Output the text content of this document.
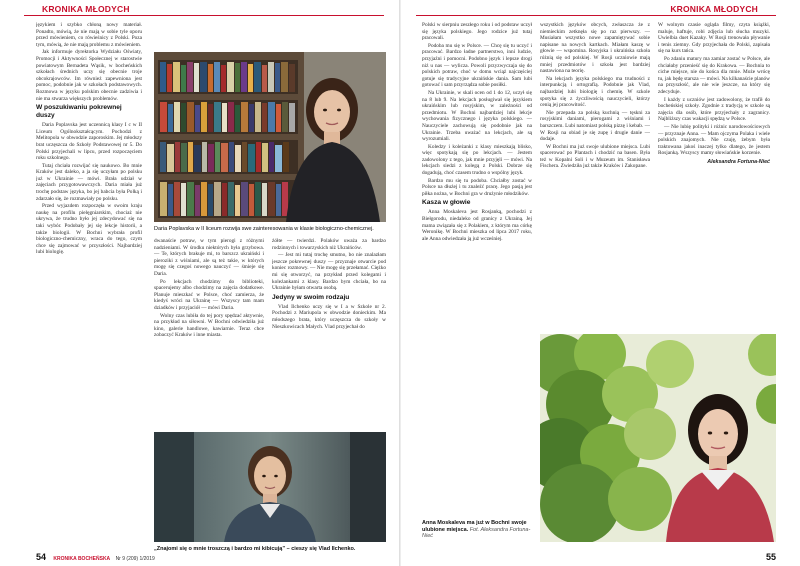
KRONIKA MŁODYCH	KRONIKA MŁODYCH

językiem i szybko chłoną nowy materiał. Ponadto, mówią, że nie mają w sobie tyle oporu przed mówieniem, co rówieśnicy z Polski. Poza tym, mówią, że nie mają problemu z mówieniem.

Jak informuje dyrektorka Wydziału Oświaty, Promocji i Aktywności Społecznej w starostwie powiatowym Bernadeta Wąsik, w bocheńskich szkołach średnich uczy się obecnie troje obcokrajowców. Im również zapewniona jest pomoc, podobnie jak w szkołach podstawowych. Rozmowa w języku polskim obecnie zadziwia i nie ma stwarza większych problemów.

W poszukiwaniu pokrewnej duszy

Daria Poplavska jest uczennicą klasy I c w II Liceum Ogólnokształcącym. Pochodzi z Melitopola w obwodzie zaporoskim. Jej młodszy brat uczęszcza do Szkoły Podstawowej nr 5. Do Polski przyjechali w lipcu, przed rozpoczęciem roku szkolnego.

Tutaj chciała rozwijać się naukowo. Bo mnie Kraków jest daleko, a ja się uczyłam po polsku już w Ukrainie — mówi. Brała udział w zajęciach przygotowawczych. Daria miała już trochę podstaw języka, bo jej babcia była Polką i zdarzało się, że rozmawiały po polsku.

Przed wyjazdem rozpoczęła w swoim kraju naukę na profilu pielęgniarskim, chociaż nie ukrywa, że trudno było jej zdecydować się na taki wybór. Podobały jej się lekcje historii, a także biologii. W Bochni wybrała profil biologiczno-chemiczny, wraca do tego, czym chce się zajmować w przyszłości. Najbardziej lubi biologię.

Daria Poplavska w II liceum rozwija swe zainteresowania w klasie biologiczno-chemicznej.

dwanaście potraw, w tym pierogi z różnymi nadzieniami. W środku niektórych była grzybowa. — Te, których brakuje mi, to barszcz ukraiński i pieroziki z wiśniami, ale są też takie, w których mogę się czegoś nowego nauczyć — śmieje się Daria.

Po lekcjach chodzimy do biblioteki, spacerujemy albo chodzimy na zajęcia dodatkowe. Planuje mieszkać w Polsce, choć zamierza, że kiedyś wróci na Ukrainę — Wszyscy tam mam dziadków i przyjaciół — mówi Daria.

Wolny czas lubiła do tej pory spędzać aktywnie, na przykład na siłowni. W Bochni odwiedziła już kino, galerie handlowe, kawiarnie. Teraz chce zobaczyć Kraków i inne miasta.

żółte — twierdzi. Polaków uważa za bardzo rodzinnych i towarzyskich niż Ukraińców.

— Jest mi tutaj trochę smutno, bo nie znalazłam jeszcze pokrewnej duszy — przyznaje otwarcie pod koniec rozmowy. — Nie mogę się przełamać. Ciężko mi się otworzyć, na przykład przed kolegami i koleżankami z klasy. Bardzo bym chciała, bo na Ukrainie byłam otwarta osobą.

Jedyny w swoim rodzaju

Vlad Ilchenko uczy się w I a w Szkole nr 2. Pochodzi z Mariupola w obwodzie donieckim. Ma młodszego brata, który uczęszcza do szkoły w Nieszkowicach Małych. Vlad przyjechał do

„Znajomi się o mnie troszczą i bardzo mi kibicują” – cieszy się Vlad Ilchenko.
54 KRONIKA BOCHEŃSKA Nr 9 (209) 1/2019

Polski w sierpniu zeszłego roku i od podstaw uczył się języka polskiego. Jego rodzice już tutaj pracowali.

Podoba mu się w Polsce. — Chcę się tu uczyć i pracować. Bardzo ładne partnerstwo, inni ludzie, przyjaźni i pomocni. Podobno język i lepsze drogi niż u nas — wylicza. Powoli przyzwyczaja się do polskich potraw, choć w domu wciąż najczęściej gotuje się tradycyjne ukraińskie dania. Sam lubi gotować i sam przyrządza sobie posiłki.

Na Ukrainie, w skali ocen od 1 do 12, uczył się na 8 lub 9. Na lekcjach posługiwał się językiem ukraińskim lub rosyjskim, w zależności od przedmiotu. W Bochni najbardziej lubi lekcje wychowania fizycznego i języka polskiego. — Nauczyciele zachowują się podobnie jak na Ukrainie. Trzeba uważać na lekcjach, ale są wyrozumiali.

Koledzy i koleżanki z klasy mieszkają blisko, więc spotykają się po lekcjach. — Jestem zadowolony z tego, jak mnie przyjęli — mówi. Na lekcjach siedzi z kolegą z Polski. Dobrze się dogadują, choć czasem trudno o wspólny język.

Bardzo mu się tu podoba. Chciałby zostać w Polsce na dłużej i tu znaleźć pracę. Jego pasją jest piłka nożna, w Bochni gra w drużynie młodzików.

Kasza w głowie

Anna Moskaleva jest Rosjanką, pochodzi z Biełgorodu, niedaleko od granicy z Ukrainą. Jej mama związała się z Polakiem, z którym ma córkę Weronikę. W Bochni mieszka od lipca 2017 roku, ale Anna odwiedzała ją już wcześniej.

wszystkich języków obcych, zwłaszcza że z niemieckim zetknęła się po raz pierwszy. — Musiałam wszystko nowe zapamiętywać sobie napisane na nowych kartkach. Miałam kaszę w głowie — wspomina. Rosyjska i ukraińska szkoła różnią się od polskiej. W Rosji uczniowie mają mniej przedmiotów i szkoła jest bardziej nastawiona na teorię.

Na lekcjach języka polskiego ma trudności z interpunkcją i ortografią. Podobnie jak Vlad, najbardziej lubi biologię i chemię. W szkole spotyka się z życzliwością nauczycieli, którzy cenią jej pracowitość.

Nie przepada za polską kuchnią — tęskni za rosyjskimi daniami, pierogami z wiśniami i barszczem. Lubi natomiast polską pizzę i kebab. — W Rosji na obiad je się zupę i drugie danie — dodaje.

W Bochni ma już swoje ulubione miejsca. Lubi spacerować po Plantach i chodzić na basen. Była też w Kopalni Soli i w Muzeum im. Stanisława Fischera. Zwiedziła już także Kraków i Zakopane.

W wolnym czasie ogląda filmy, czyta książki, maluje, haftuje, robi zdjęcia lub słucha muzyki. Uwielbia duet Kazaky. W Rosji trenowała pływanie i tenis ziemny. Gdy przyjechała do Polski, zapisała się na kurs tańca.

Po zdaniu matury ma zamiar zostać w Polsce, ale chciałaby przenieść się do Krakowa. — Bochnia to ciche miejsce, nie do końca dla mnie. Może wrócę tu, jak będę starsza — mówi. Na kilkanaście planów na przyszłość, ale nie wie jeszcze, na który się zdecyduje.

I każdy z uczniów jest zadowolony, że trafił do bocheńskiej szkoły. Zgodnie z tradycją w szkole są zajęcia dla osób, które przyjechały z zagranicy. Najbliższy czas wakacji spędzą w Polsce.

— Nie lubię polityki i różnic narodowościowych — przyznaje Anna. — Mam ojczyma Polaka i wiele polskich znajomych. Nie czuję, żebym była traktowana jakoś inaczej tylko dlatego, że jestem Rosjanką. Wszyscy mamy słowiańskie korzenie.

Aleksandra Fortuna-Nieć
Anna Moskaleva ma już w Bochni swoje ulubione miejsca. Fot. Aleksandra Fortuna-Nieć
55
